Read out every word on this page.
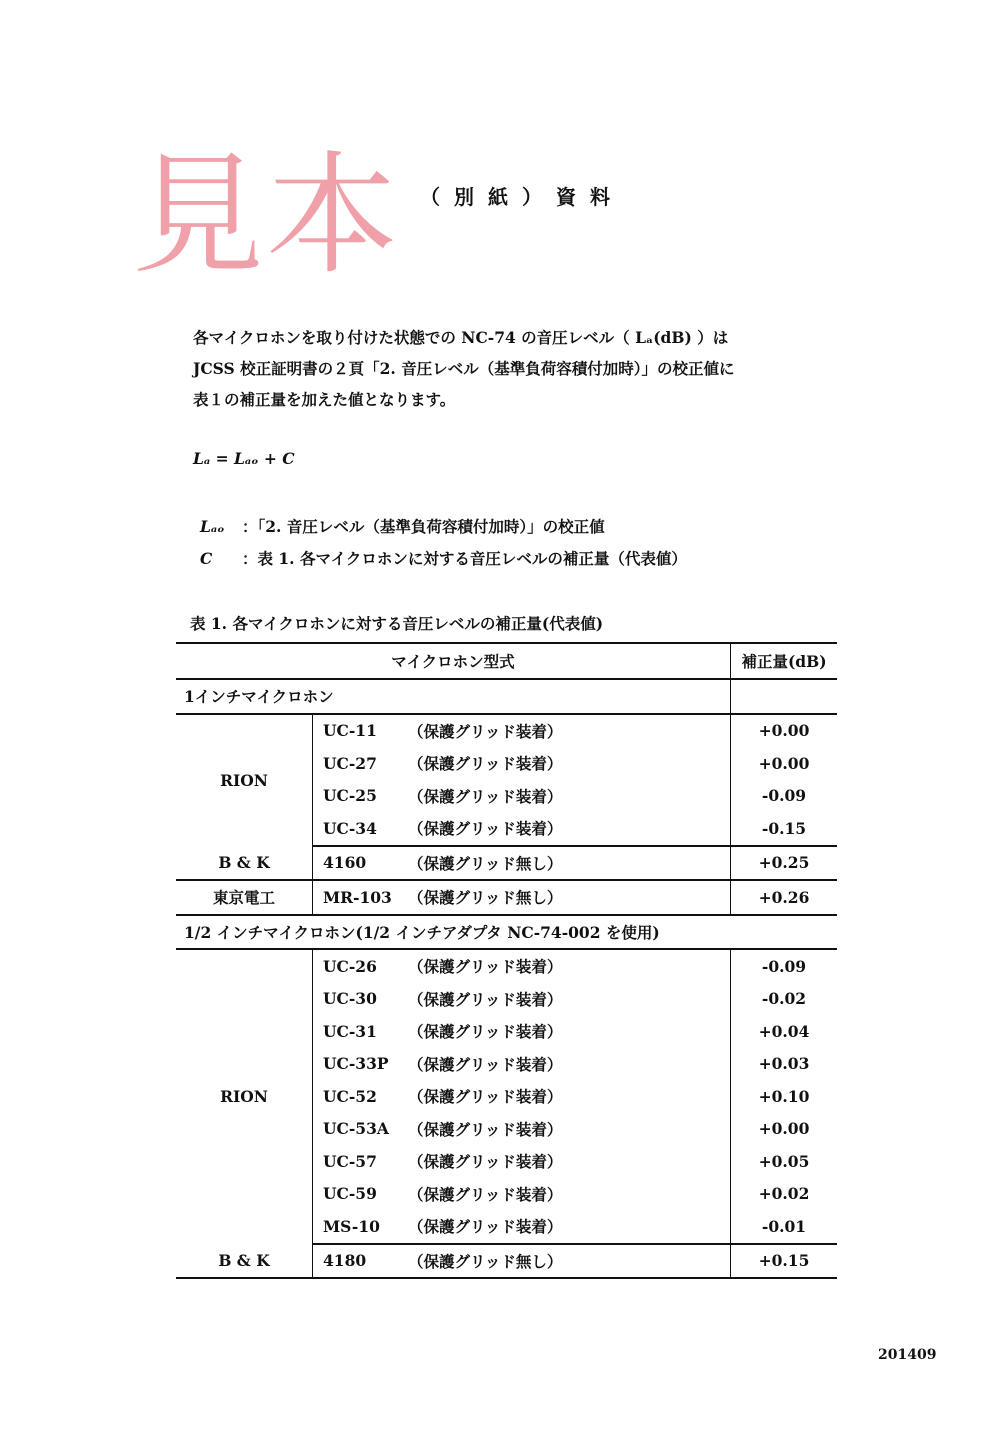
見本 （別紙）資料
各マイクロホンを取り付けた状態での NC-74 の音圧レベル（ Lₐ(dB) ）は
JCSS 校正証明書の２頁「2. 音圧レベル（基準負荷容積付加時）」の校正値に
表１の補正量を加えた値となります。
Lₐ = Lₐₒ + C
Lₐₒ ：「2. 音圧レベル（基準負荷容積付加時）」の校正値
C ：表 1. 各マイクロホンに対する音圧レベルの補正量（代表値）
表 1. 各マイクロホンに対する音圧レベルの補正量(代表値)
マイクロホン型式			補正量(dB)
1インチマイクロホン			
RION	UC-11	（保護グリッド装着）	+0.00
	UC-27	（保護グリッド装着）	+0.00
	UC-25	（保護グリッド装着）	-0.09
	UC-34	（保護グリッド装着）	-0.15
B & K	4160	（保護グリッド無し）	+0.25
東京電工	MR-103	（保護グリッド無し）	+0.26
1/2 インチマイクロホン(1/2 インチアダプタ NC-74-002 を使用)			
RION	UC-26	（保護グリッド装着）	-0.09
	UC-30	（保護グリッド装着）	-0.02
	UC-31	（保護グリッド装着）	+0.04
	UC-33P	（保護グリッド装着）	+0.03
	UC-52	（保護グリッド装着）	+0.10
	UC-53A	（保護グリッド装着）	+0.00
	UC-57	（保護グリッド装着）	+0.05
	UC-59	（保護グリッド装着）	+0.02
	MS-10	（保護グリッド装着）	-0.01
B & K	4180	（保護グリッド無し）	+0.15
201409
